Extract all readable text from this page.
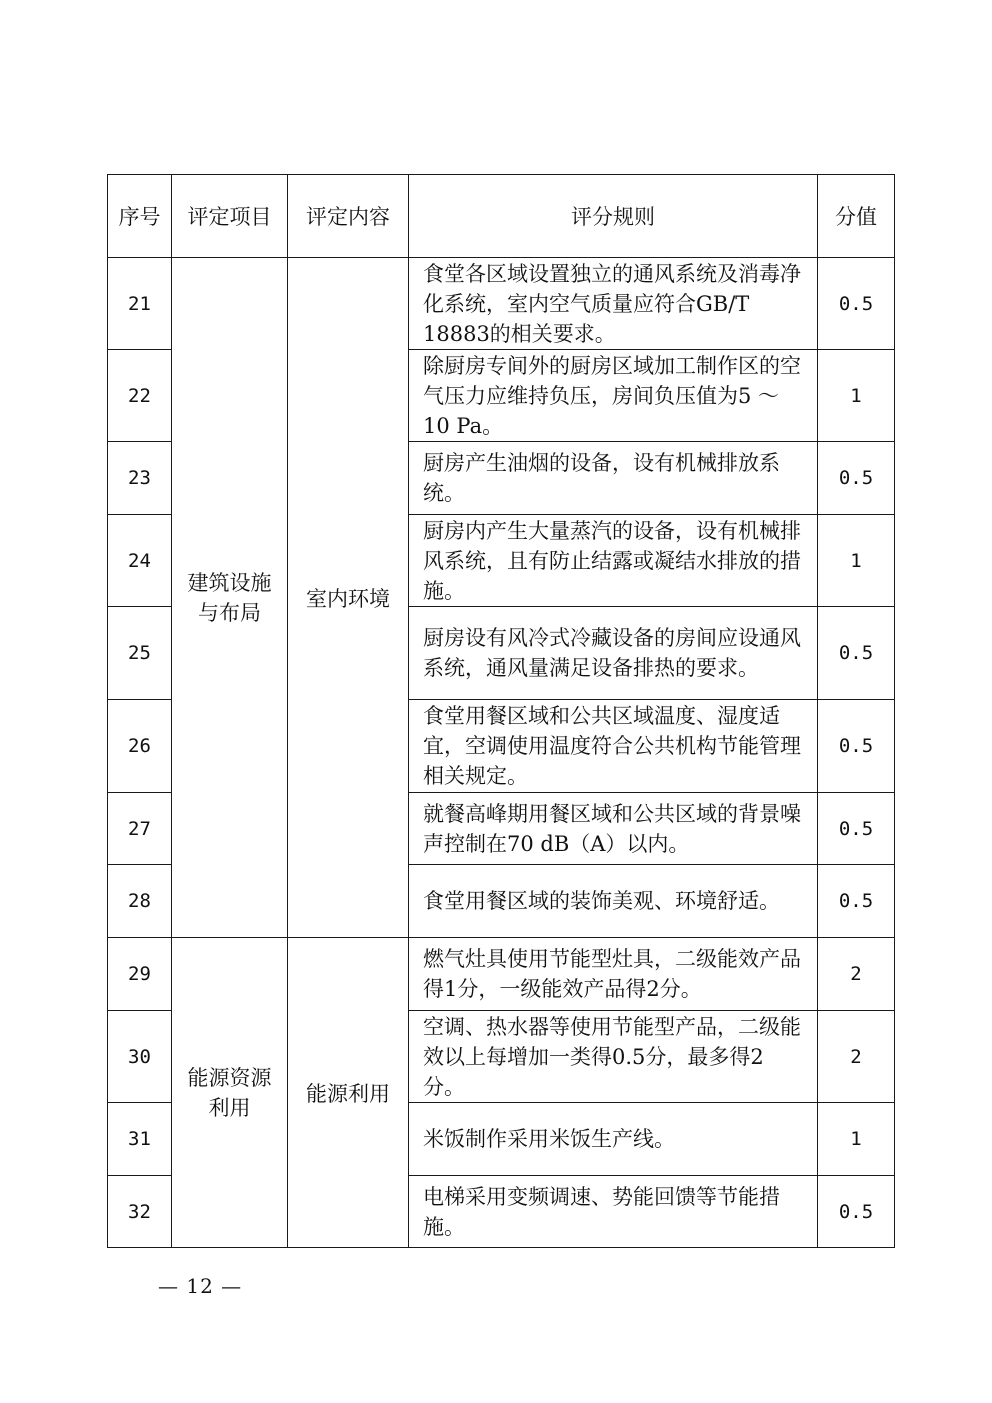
序号	评定项目	评定内容	评分规则	分值
21	建筑设施与布局	室内环境	食堂各区域设置独立的通风系统及消毒净化系统，室内空气质量应符合GB/T 18883的相关要求。	0.5
22			除厨房专间外的厨房区域加工制作区的空气压力应维持负压，房间负压值为5 ～10 Pa。	1
23			厨房产生油烟的设备，设有机械排放系统。	0.5
24			厨房内产生大量蒸汽的设备，设有机械排风系统，且有防止结露或凝结水排放的措施。	1
25			厨房设有风冷式冷藏设备的房间应设通风系统，通风量满足设备排热的要求。	0.5
26			食堂用餐区域和公共区域温度、湿度适宜，空调使用温度符合公共机构节能管理相关规定。	0.5
27			就餐高峰期用餐区域和公共区域的背景噪声控制在70 dB（A）以内。	0.5
28			食堂用餐区域的装饰美观、环境舒适。	0.5
29	能源资源利用	能源利用	燃气灶具使用节能型灶具，二级能效产品得1分，一级能效产品得2分。	2
30			空调、热水器等使用节能型产品，二级能效以上每增加一类得0.5分，最多得2分。	2
31			米饭制作采用米饭生产线。	1
32			电梯采用变频调速、势能回馈等节能措施。	0.5
— 12 —
